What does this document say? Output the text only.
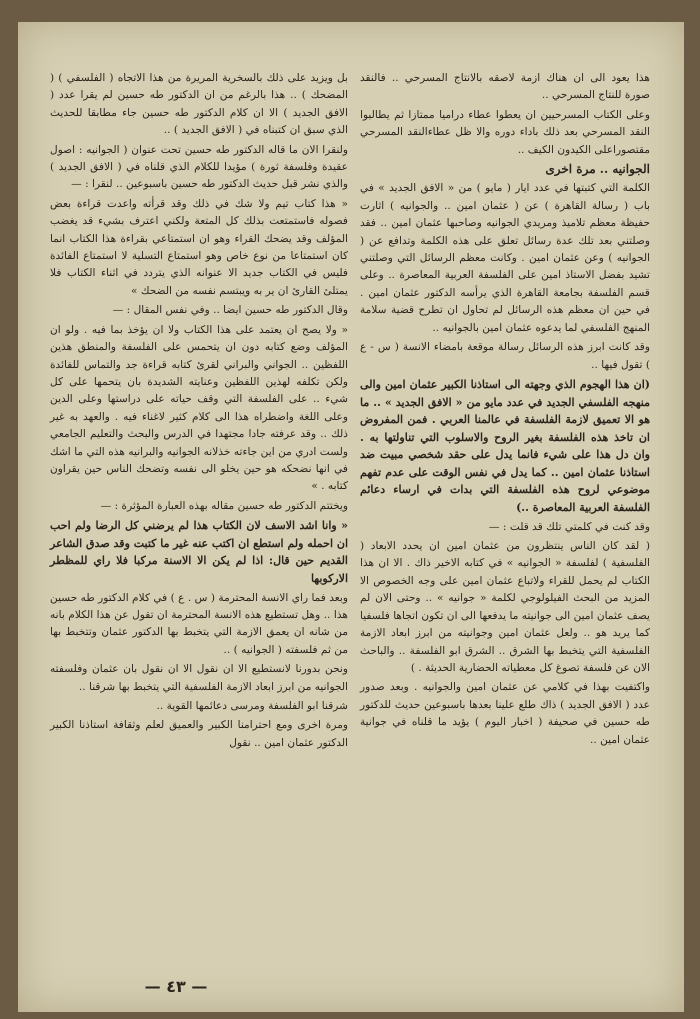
هذا يعود الى ان هناك ازمة لاصقه بالانتاج المسرحي .. فالنقد صورة للنتاج المسرحي ..

وعلى الكتاب المسرحيين ان يعطوا عطاء دراميا ممتازا ثم يطالبوا النقد المسرحي بعد ذلك باداء دوره والا ظل عطاءالنقد المسرحي مقتصوراعلى الكيدون الكيف ..

الجوانيه .. مرة اخرى

الكلمة التي كتبتها في عدد ايار ( مايو ) من « الافق الجديد » في باب ( رسالة القاهرة ) عن ( عثمان امين .. والجوانيه ) اثارت حفيظة معظم تلاميذ ومريدي الجوانيه وصاحبها عثمان امين .. فقد وصلتني بعد تلك عدة رسائل تعلق على هذه الكلمة وتدافع عن ( الجوانيه ) وعن عثمان امين . وكانت معظم الرسائل التي وصلتني تشيد بفضل الاستاذ امين على الفلسفة العربية المعاصرة .. وعلى قسم الفلسفة بجامعة القاهرة الذي يرأسه الدكتور عثمان امين . في حين ان معظم هذه الرسائل لم تحاول ان تطرح قضية سلامة المنهج الفلسفي لما يدعوه عثمان امين بالجوانيه ..

وقد كانت ابرز هذه الرسائل رسالة موقعة بامضاء الانسة ( س - ع ) تقول فيها ..

(ان هذا الهجوم الذي وجهته الى استاذنا الكبير عثمان امين والى منهجه الفلسفي الجديد في عدد مايو من « الافق الجديد » .. ما هو الا تعميق لازمة الفلسفة في عالمنا العربي . فمن المفروض ان تاخذ هذه الفلسفة بغير الروح والاسلوب التي تناولتها به . وان دل هذا على شيء فانما يدل على حقد شخصي مبيت ضد استاذنا عثمان امين .. كما يدل في نفس الوقت على عدم تفهم موضوعي لروح هذه الفلسفة التي بدات في ارساء دعائم الفلسفة العربية المعاصرة ..)

وقد كنت في كلمتي تلك قد قلت : —

( لقد كان الناس ينتظرون من عثمان امين ان يحدد الابعاد ( الفلسفية ) لفلسفة « الجوانيه » في كتابه الاخير ذاك . الا ان هذا الكتاب لم يحمل للقراء ولاتباع عثمان امين على وجه الخصوص الا المزيد من البحث الفيلولوجي لكلمة « جوانيه » .. وحتى الان لم يصف عثمان امين الى جوانيته ما يدفعها الى ان تكون اتجاها فلسفيا كما يريد هو .. ولعل عثمان امين وجوانيته من ابرز ابعاد الازمة الفلسفية التي يتخبط بها الشرق .. الشرق ابو الفلسفة .. والباحث الان عن فلسفة تصوغ كل معطياته الحضارية الحديثة . )

واكتفيت بهذا في كلامي عن عثمان امين والجوانيه . وبعد صدور عدد ( الافق الجديد ) ذاك طلع علينا بعدها باسبوعين حديث للدكتور طه حسين في صحيفة ( اخبار اليوم ) يؤيد ما قلناه في جوانية عثمان امين ..

بل ويزيد على ذلك بالسخرية المريرة من هذا الاتجاه ( الفلسفي ) ( المضحك ) .. هذا بالرغم من ان الدكتور طه حسين لم يقرا عدد ( الافق الجديد ) الا ان كلام الدكتور طه حسين جاء مطابقا للحديث الذي سبق ان كتبناه في ( الافق الجديد ) ..

ولنقرا الان ما قاله الدكتور طه حسين تحت عنوان ( الجوانيه : اصول عقيدة وفلسفة ثورة ) مؤيدا للكلام الذي قلناه في ( الافق الجديد ) والذي نشر قبل حديث الدكتور طه حسين باسبوعين .. لنقرا : —

« هذا كتاب تيم ولا شك في ذلك وقد قرأته واعدت قراءة بعض فصوله فاستمتعت بذلك كل المتعة ولكني اعترف بشيء قد يغضب المؤلف وقد يضحك القراء وهو ان استمتاعي بقراءة هذا الكتاب انما كان استمتاعا من نوع خاص وهو استمتاع التسلية لا استمتاع الفائدة فليس في الكتاب جديد الا عنوانه الذي يتردد في اثناء الكتاب فلا يمتلئ القارئ ان ير به ويبتسم نفسه من الضحك »

وقال الدكتور طه حسين ايضا .. وفي نفس المقال : —

« ولا يصح ان يعتمد على هذا الكتاب ولا ان يؤخذ بما فيه . ولو ان المؤلف وضع كتابه دون ان يتحمس على الفلسفة والمنطق هذين اللفظين .. الجواني والبراني لقرئ كتابه قراءة جد والتماس للفائدة ولكن تكلفه لهذين اللفظين وعنايته الشديدة بان يتحمها على كل شيء .. على الفلسفة التي وقف حياته على دراستها وعلى الدين وعلى اللغة واضطراه هذا الى كلام كثير لاغناء فيه . والعهد به غير ذلك .. وقد عرفته جادا مجتهدا في الدرس والبحث والتعليم الجامعي ولست ادري من اين جاءته خذلانه الجوانيه والبرانيه هذه التي ما اشك في انها نضحكه هو حين يخلو الى نفسه وتضحك الناس حين يقراون كتابه . »

ويختتم الدكتور طه حسين مقاله بهذه العبارة المؤثرة : —

« وانا اشد الاسف لان الكتاب هذا لم يرضني كل الرضا ولم احب ان احمله ولم استطع ان اكتب عنه غير ما كتبت وقد صدق الشاعر القديم حين قال: اذا لم يكن الا الاسنة مركبا فلا راي للمظطر الاركوبها

وبعد فما راي الانسة المحترمة ( س . ع ) في كلام الدكتور طه حسين هذا .. وهل تستطيع هذه الانسة المحترمة ان تقول عن هذا الكلام بانه من شانه ان يعمق الازمة التي يتخبط بها الدكتور عثمان وتتخبط بها من ثم فلسفته ( الجوانيه ) ..

ونحن بدورنا لانستطيع الا ان نقول الا ان نقول بان عثمان وفلسفته الجوانيه من ابرز ابعاد الازمة الفلسفية التي يتخبط بها شرقنا ..

شرقنا ابو الفلسفة ومرسى دعائمها القوية ..

ومرة اخرى ومع احترامنا الكبير والعميق لعلم وثقافة استاذنا الكبير الدكتور عثمان امين .. نقول

— ٤٣ —
